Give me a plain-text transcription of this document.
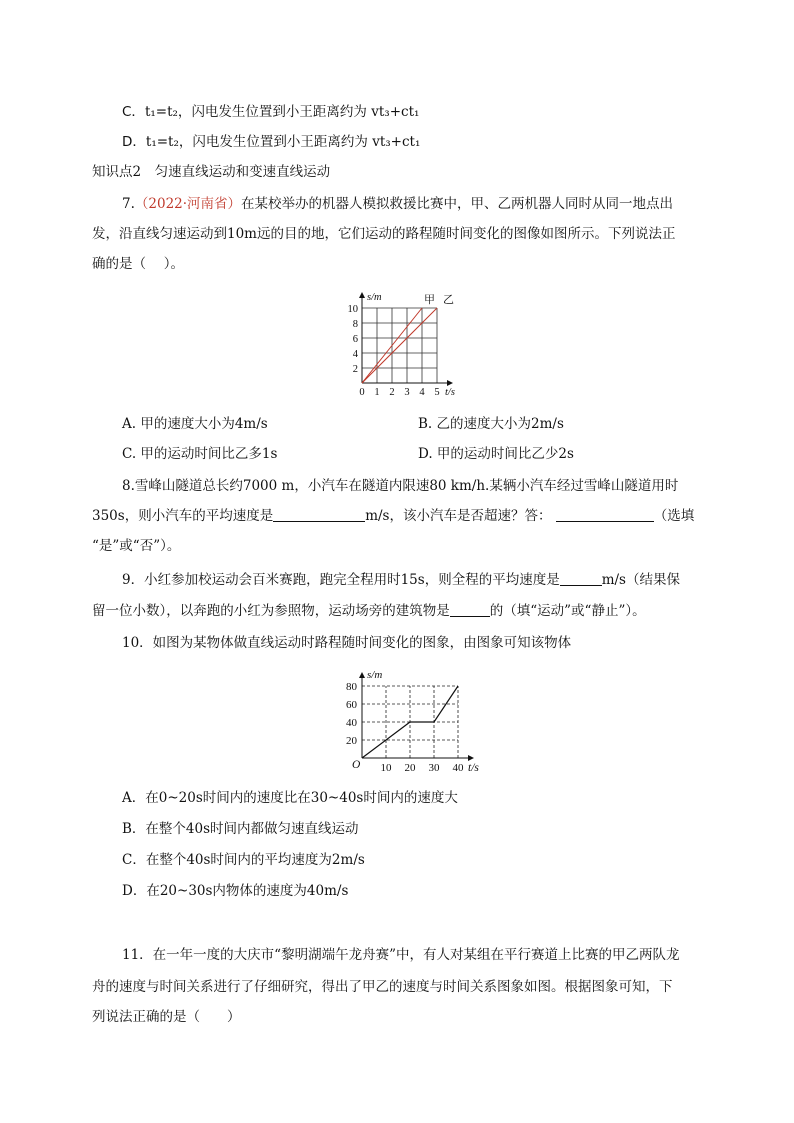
C．t₁=t₂，闪电发生位置到小王距离约为 vt₃+ct₁
D．t₁=t₂，闪电发生位置到小王距离约为 vt₃+ct₁
知识点2　匀速直线运动和变速直线运动
7.（2022·河南省）在某校举办的机器人模拟救援比赛中，甲、乙两机器人同时从同一地点出
发，沿直线匀速运动到10m远的目的地，它们运动的路程随时间变化的图像如图所示。下列说法正
确的是（　 ）。
0 1 2 3 4 5
2
4
6
8
10
t/s
s/m	甲 乙
A. 甲的速度大小为4m/s	B. 乙的速度大小为2m/s
C. 甲的运动时间比乙多1s	D. 甲的运动时间比乙少2s
8.雪峰山隧道总长约7000 m，小汽车在隧道内限速80 km/h.某辆小汽车经过雪峰山隧道用时
350s，则小汽车的平均速度是	m/s，该小汽车是否超速？答：	（选填
“是”或“否”）。
9．小红参加校运动会百米赛跑，跑完全程用时15s，则全程的平均速度是	m/s（结果保
留一位小数），以奔跑的小红为参照物，运动场旁的建筑物是	的（填“运动”或“静止”）。
10．如图为某物体做直线运动时路程随时间变化的图象，由图象可知该物体
10 20 30 40
20
40
60
80
O	t/s
s/m
A．在0~20s时间内的速度比在30~40s时间内的速度大
B．在整个40s时间内都做匀速直线运动
C．在整个40s时间内的平均速度为2m/s
D．在20~30s内物体的速度为40m/s
11．在一年一度的大庆市“黎明湖端午龙舟赛”中，有人对某组在平行赛道上比赛的甲乙两队龙
舟的速度与时间关系进行了仔细研究，得出了甲乙的速度与时间关系图象如图。根据图象可知，下
列说法正确的是（　　）
